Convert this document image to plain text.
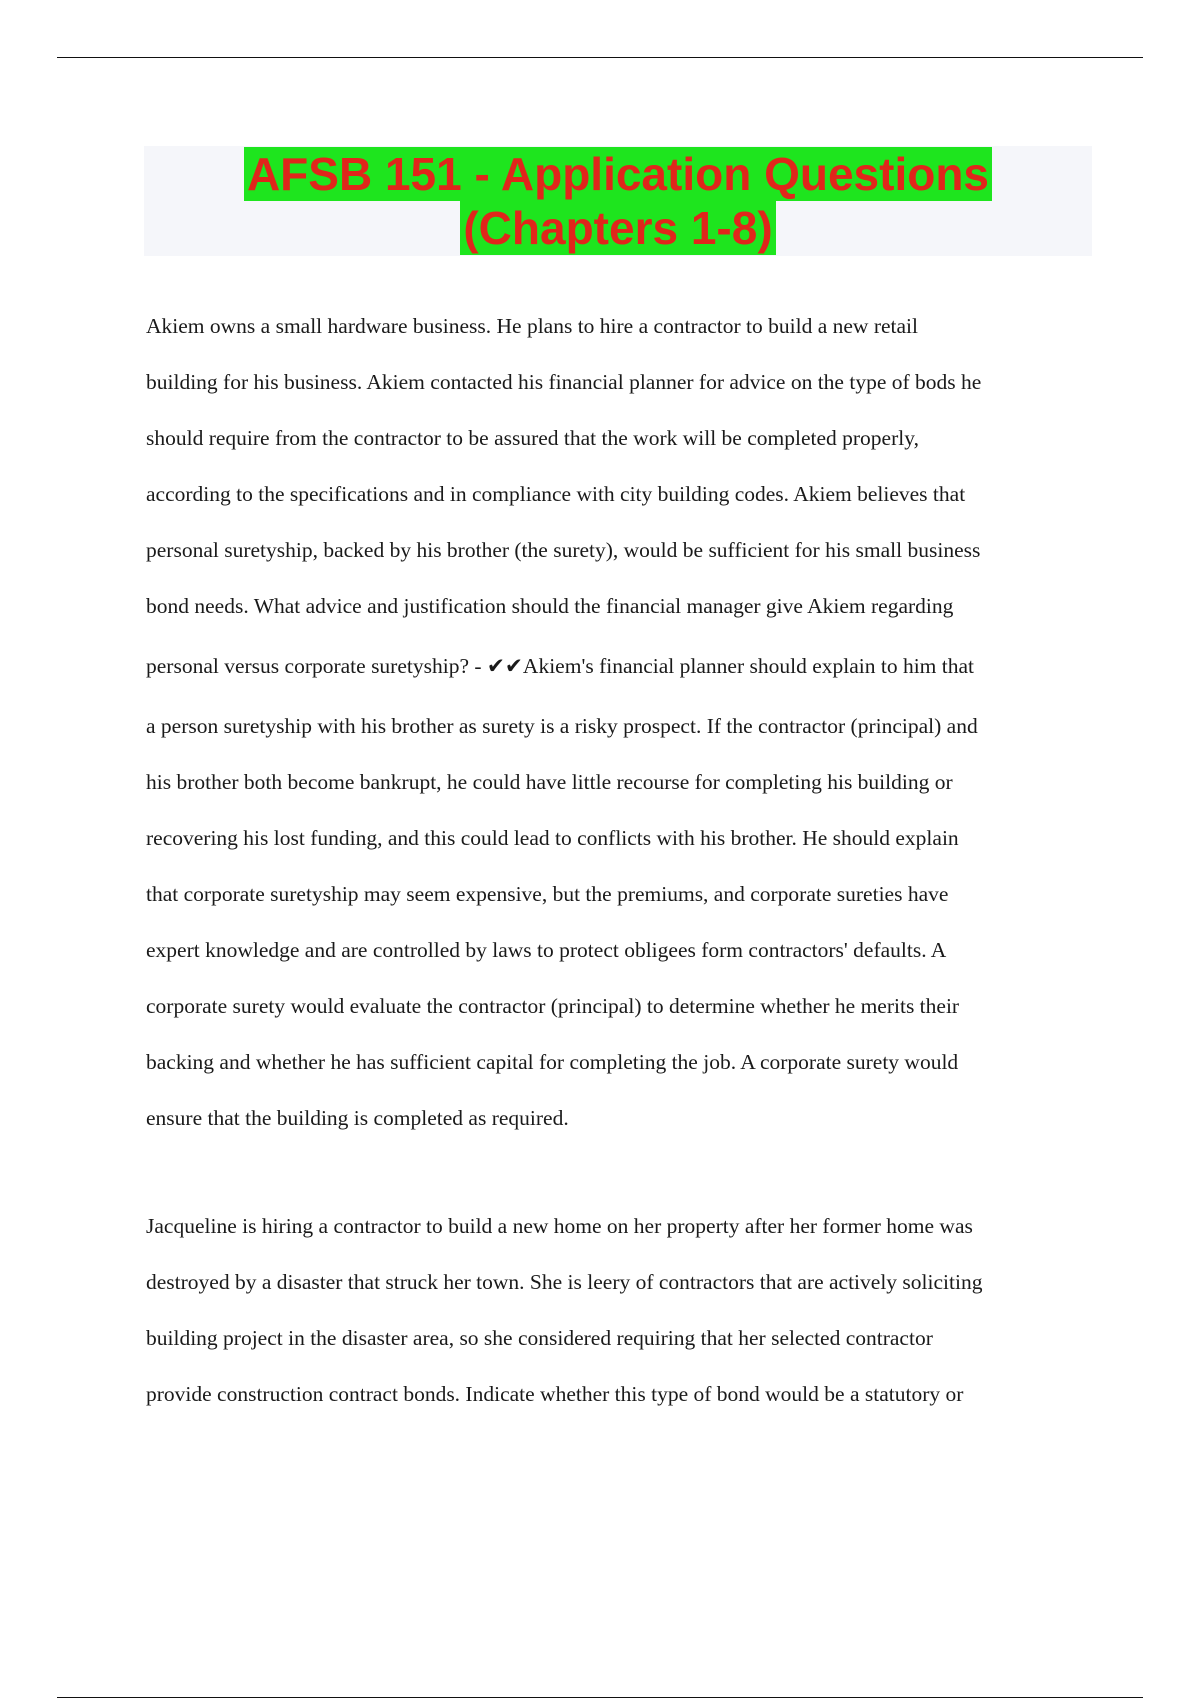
AFSB 151 - Application Questions
(Chapters 1-8)
Akiem owns a small hardware business. He plans to hire a contractor to build a new retail
building for his business. Akiem contacted his financial planner for advice on the type of bods he
should require from the contractor to be assured that the work will be completed properly,
according to the specifications and in compliance with city building codes. Akiem believes that
personal suretyship, backed by his brother (the surety), would be sufficient for his small business
bond needs. What advice and justification should the financial manager give Akiem regarding
personal versus corporate suretyship? - ✔✔Akiem's financial planner should explain to him that
a person suretyship with his brother as surety is a risky prospect. If the contractor (principal) and
his brother both become bankrupt, he could have little recourse for completing his building or
recovering his lost funding, and this could lead to conflicts with his brother. He should explain
that corporate suretyship may seem expensive, but the premiums, and corporate sureties have
expert knowledge and are controlled by laws to protect obligees form contractors' defaults. A
corporate surety would evaluate the contractor (principal) to determine whether he merits their
backing and whether he has sufficient capital for completing the job. A corporate surety would
ensure that the building is completed as required.
Jacqueline is hiring a contractor to build a new home on her property after her former home was
destroyed by a disaster that struck her town. She is leery of contractors that are actively soliciting
building project in the disaster area, so she considered requiring that her selected contractor
provide construction contract bonds. Indicate whether this type of bond would be a statutory or
